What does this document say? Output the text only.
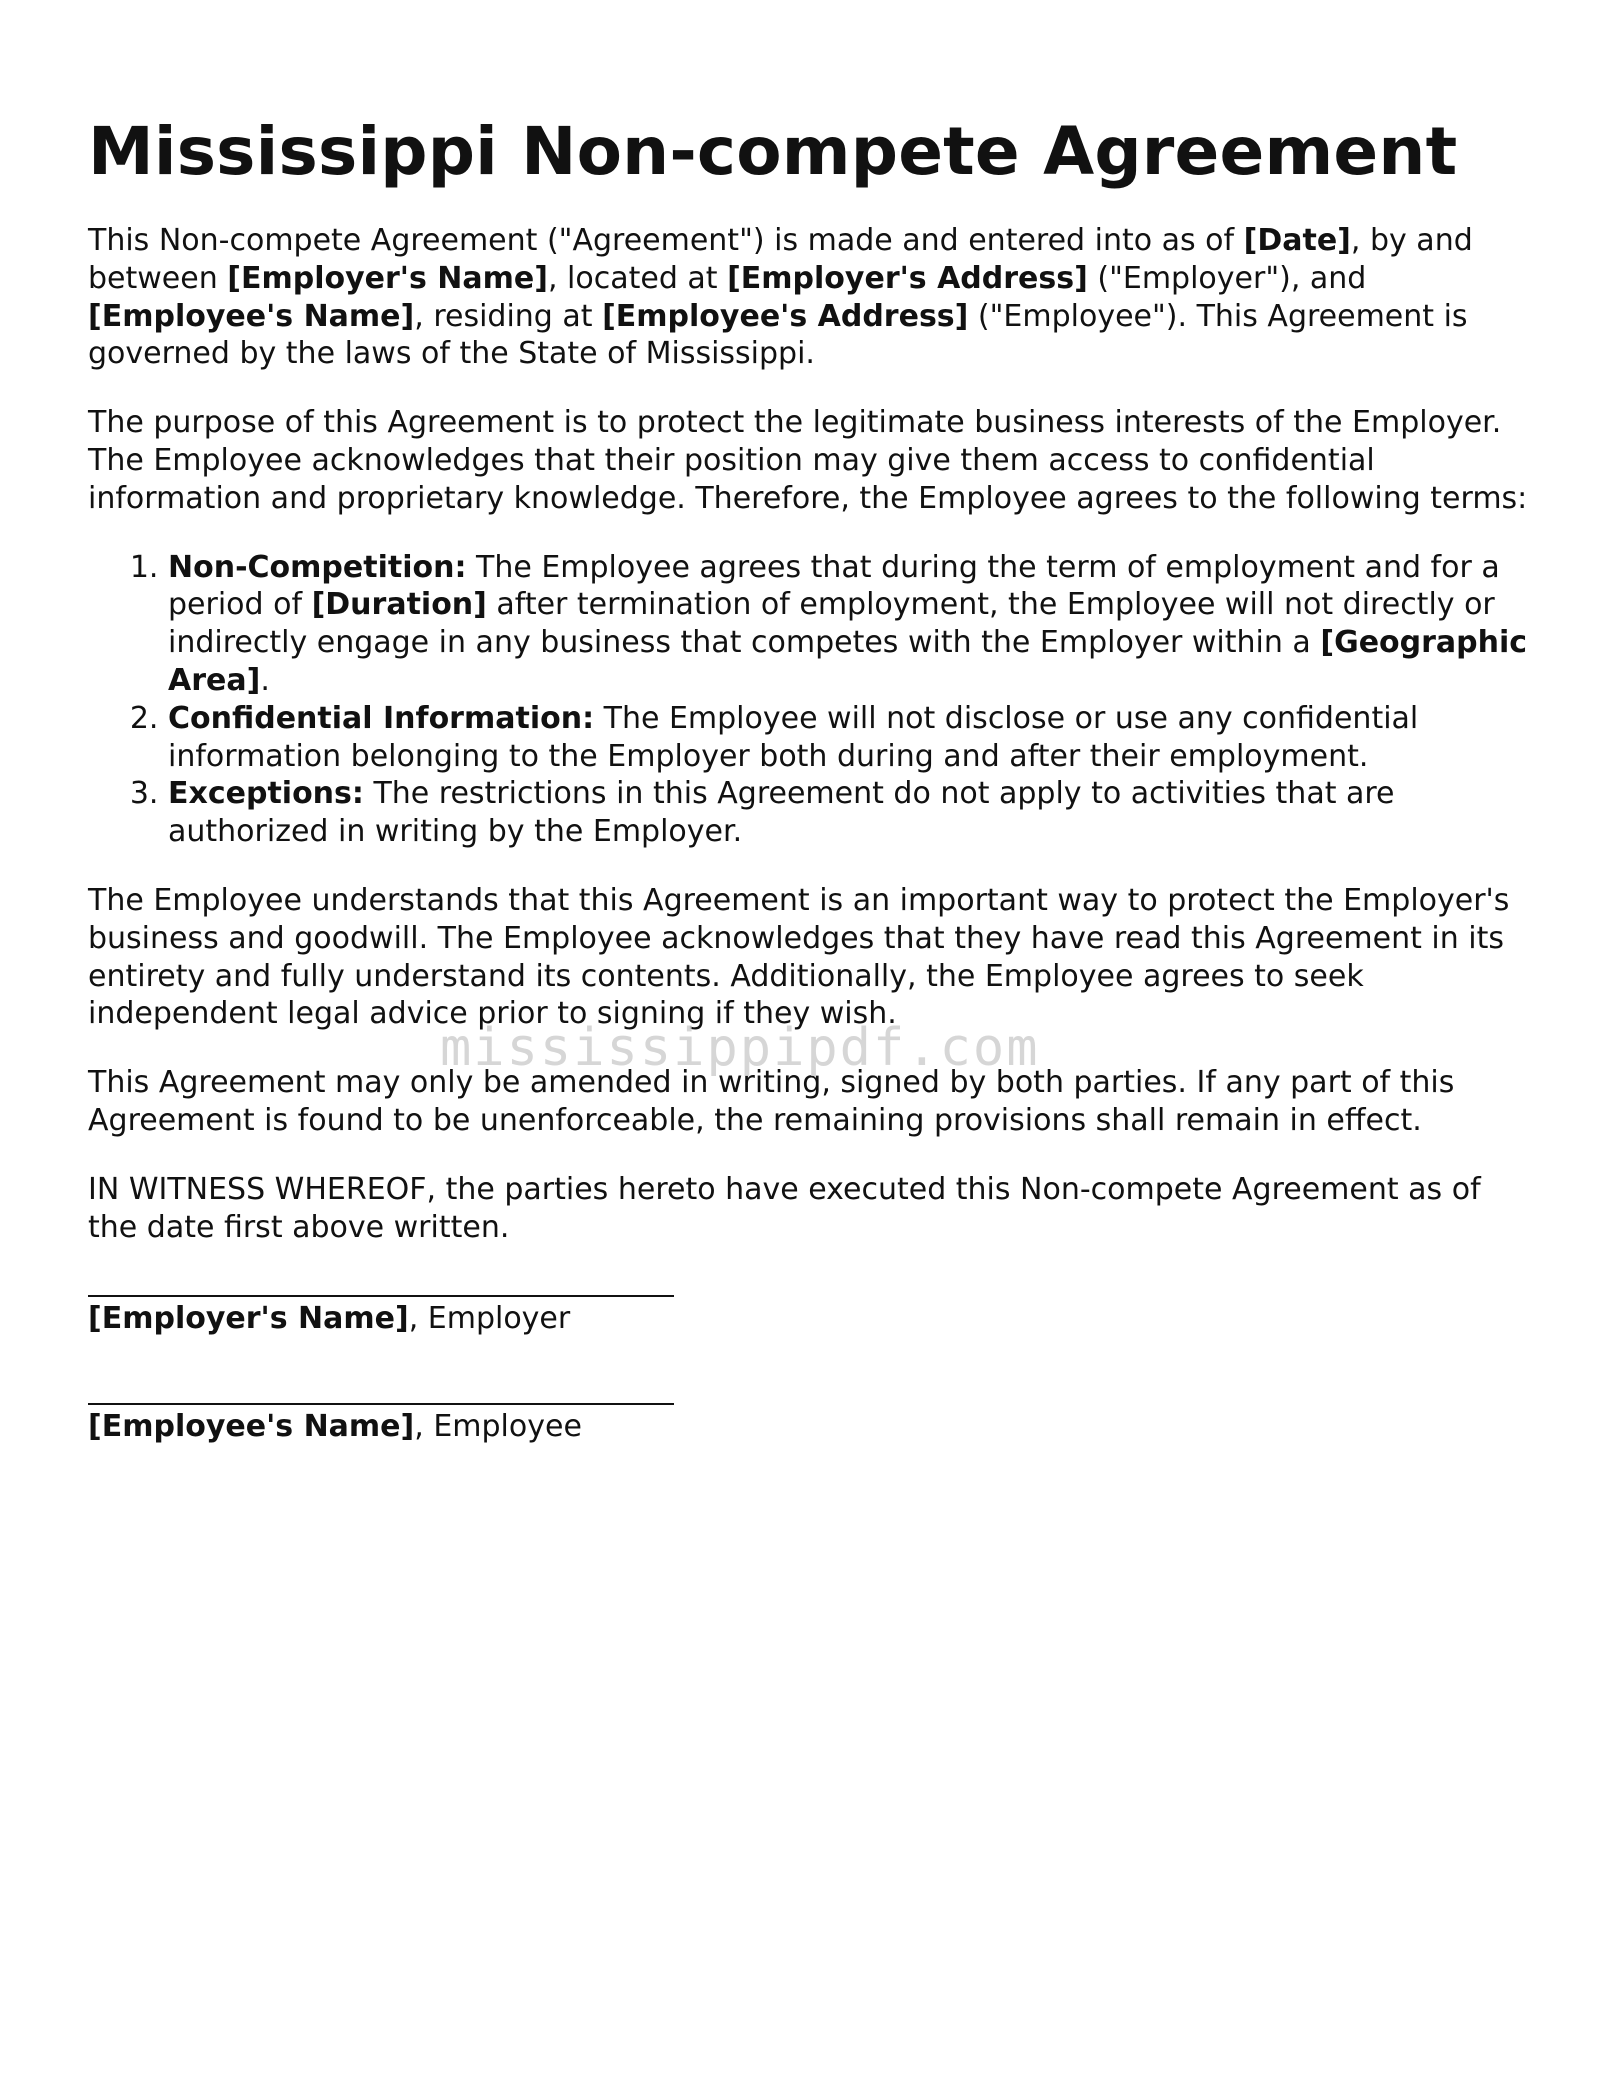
Mississippi Non-compete Agreement

This Non-compete Agreement ("Agreement") is made and entered into as of [Date], by and between [Employer's Name], located at [Employer's Address] ("Employer"), and [Employee's Name], residing at [Employee's Address] ("Employee"). This Agreement is governed by the laws of the State of Mississippi.

The purpose of this Agreement is to protect the legitimate business interests of the Employer. The Employee acknowledges that their position may give them access to confidential information and proprietary knowledge. Therefore, the Employee agrees to the following terms:

1. Non-Competition: The Employee agrees that during the term of employment and for a period of [Duration] after termination of employment, the Employee will not directly or indirectly engage in any business that competes with the Employer within a [Geographic Area].
2. Confidential Information: The Employee will not disclose or use any confidential information belonging to the Employer both during and after their employment.
3. Exceptions: The restrictions in this Agreement do not apply to activities that are authorized in writing by the Employer.

The Employee understands that this Agreement is an important way to protect the Employer's business and goodwill. The Employee acknowledges that they have read this Agreement in its entirety and fully understand its contents. Additionally, the Employee agrees to seek independent legal advice prior to signing if they wish.

This Agreement may only be amended in writing, signed by both parties. If any part of this Agreement is found to be unenforceable, the remaining provisions shall remain in effect.

IN WITNESS WHEREOF, the parties hereto have executed this Non-compete Agreement as of the date first above written.

[Employer's Name], Employer
[Employee's Name], Employee
mississippipdf.com
